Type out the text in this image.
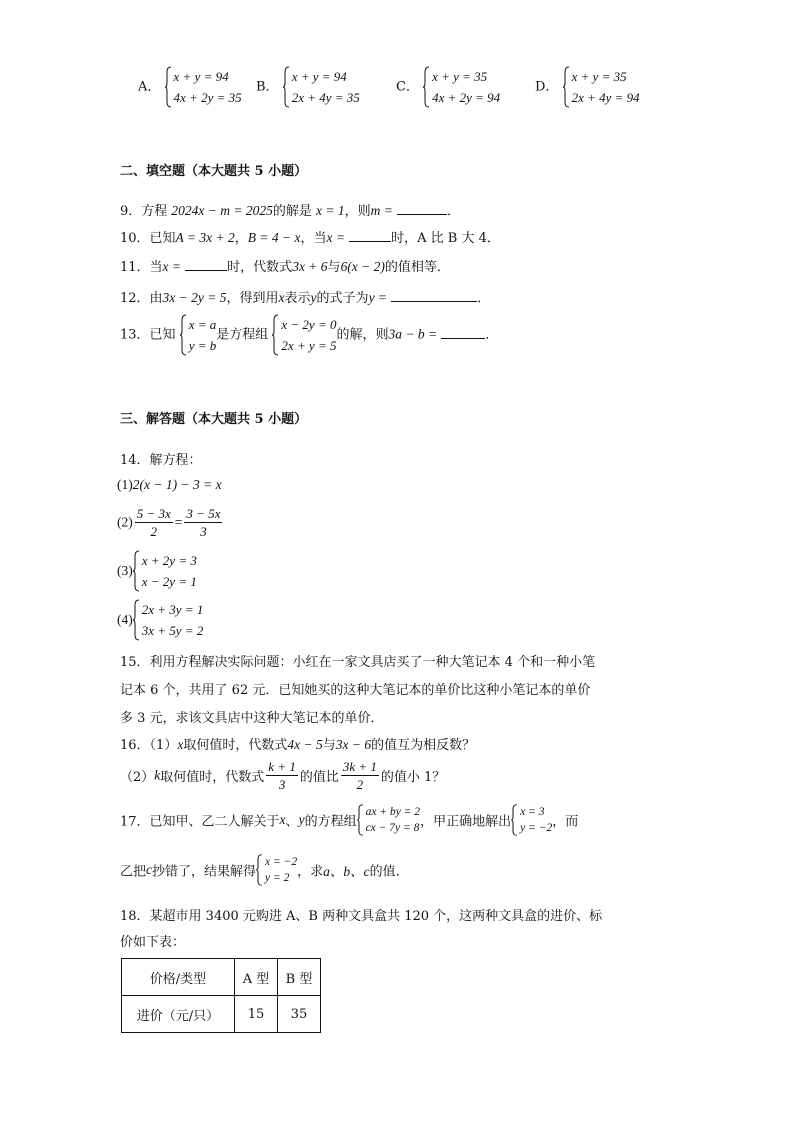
A．
x + y = 94
4x + 2y = 35
B．
x + y = 94
2x + 4y = 35
C．
x + y = 35
4x + 2y = 94
D．
x + y = 35
2x + 4y = 94
二、填空题（本大题共 5 小题）
9．方程 2024x − m = 2025的解是 x = 1，则m =	．
10．已知A = 3x + 2，B = 4 − x，当x =	时，A 比 B 大 4．
11．当x =	时，代数式3x + 6与6(x − 2)的值相等．
12．由3x − 2y = 5，得到用x表示y的式子为y =	．
13．已知
x = a
y = b
是方程组
x − 2y = 0
2x + y = 5
的解，则3a − b =	．
三、解答题（本大题共 5 小题）
14．解方程：
(1)2(x − 1) − 3 = x
$(2) \frac{5 - 3x}{2} = \frac{3 - 5x}{3}$
(3)
x + 2y = 3
x − 2y = 1
(4)
2x + 3y = 1
3x + 5y = 2
15．利用方程解决实际问题：小红在一家文具店买了一种大笔记本 4 个和一种小笔
记本 6 个，共用了 62 元．已知她买的这种大笔记本的单价比这种小笔记本的单价
多 3 元，求该文具店中这种大笔记本的单价．
16．（1）x取何值时，代数式4x − 5与3x − 6的值互为相反数？
（2）k取何值时，代数式 $\frac{k + 1}{3}$ 的值比 $\frac{3k + 1}{2}$ 的值小 1？
17．已知甲、乙二人解关于x、y的方程组
ax + by = 2
cx − 7y = 8 ，甲正确地解出
x = 3
y = −2 ，而
乙把c抄错了，结果解得
x = −2
y = 2 ，求a、b、c的值.
18．某超市用 3400 元购进 A、B 两种文具盒共 120 个，这两种文具盒的进价、标
价如下表：
价格/类型	A 型	B 型
进价（元/只）	15	35
